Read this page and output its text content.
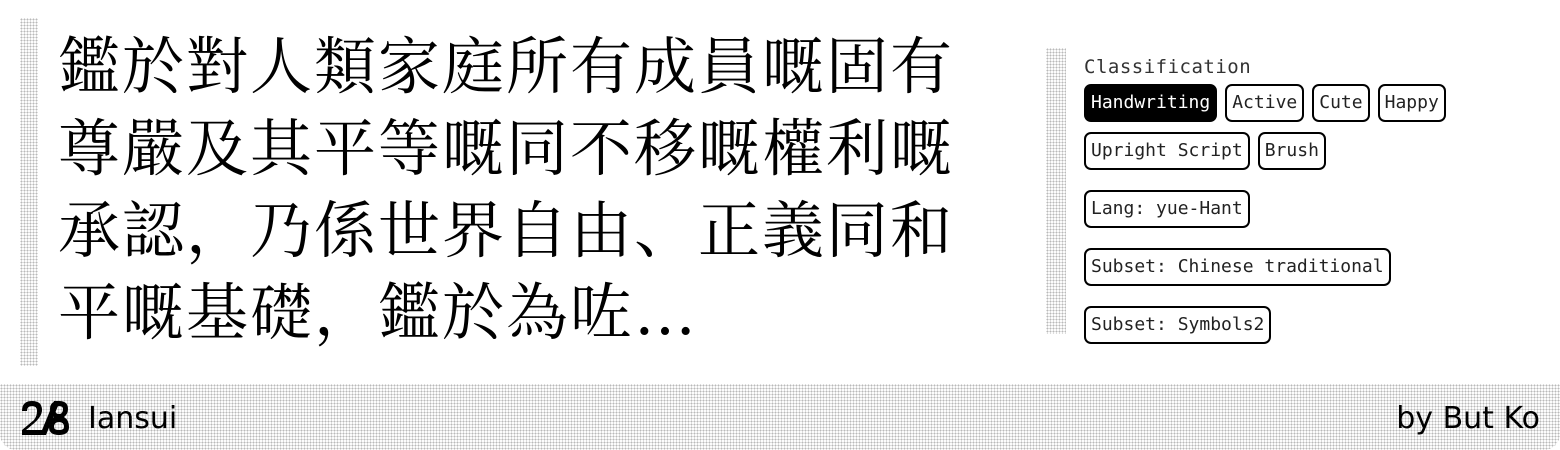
鑑於對人類家庭所有成員嘅固有尊嚴及其平等嘅同不移嘅權利嘅承認，乃係世界自由、正義同和平嘅基礎，鑑於為咗…
Classification
Handwriting	Active	Cute	Happy
Upright Script	Brush
Lang: yue-Hant
Subset: Chinese traditional
Subset: Symbols2
Iansui	by But Ko
